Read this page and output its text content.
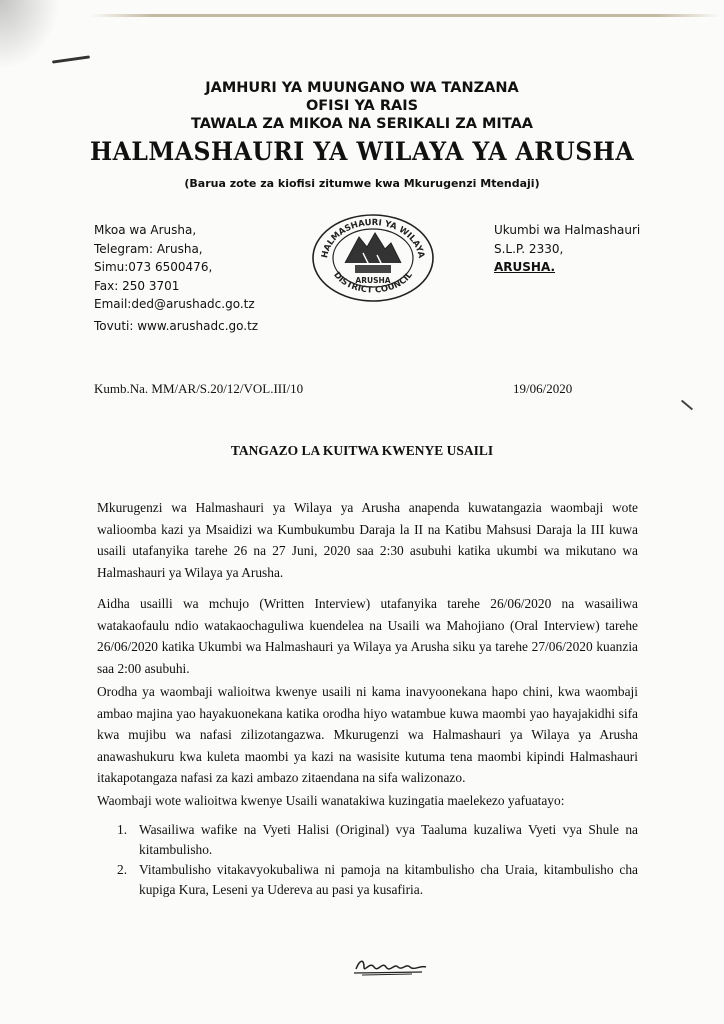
JAMHURI YA MUUNGANO WA TANZANA
OFISI YA RAIS
TAWALA ZA MIKOA NA SERIKALI ZA MITAA
HALMASHAURI YA WILAYA YA ARUSHA
(Barua zote za kiofisi zitumwe kwa Mkurugenzi Mtendaji)
Mkoa wa Arusha,
Telegram: Arusha,
Simu:073 6500476,
Fax: 250 3701
Email:ded@arushadc.go.tz
Tovuti: www.arushadc.go.tz
HALMASHAURI YA WILAYA
ARUSHA
DISTRICT COUNCIL
Ukumbi wa Halmashauri
S.L.P. 2330,
ARUSHA.
Kumb.Na. MM/AR/S.20/12/VOL.III/10	19/06/2020
TANGAZO LA KUITWA KWENYE USAILI
Mkurugenzi wa Halmashauri ya Wilaya ya Arusha anapenda kuwatangazia waombaji wote walioomba kazi ya Msaidizi wa Kumbukumbu Daraja la II na Katibu Mahsusi Daraja la III kuwa usaili utafanyika tarehe 26 na 27 Juni, 2020 saa 2:30 asubuhi katika ukumbi wa mikutano wa Halmashauri ya Wilaya ya Arusha.
Aidha usailli wa mchujo (Written Interview) utafanyika tarehe 26/06/2020 na wasailiwa watakaofaulu ndio watakaochaguliwa kuendelea na Usaili wa Mahojiano (Oral Interview) tarehe 26/06/2020 katika Ukumbi wa Halmashauri ya Wilaya ya Arusha siku ya tarehe 27/06/2020 kuanzia saa 2:00 asubuhi.
Orodha ya waombaji walioitwa kwenye usaili ni kama inavyoonekana hapo chini, kwa waombaji ambao majina yao hayakuonekana katika orodha hiyo watambue kuwa maombi yao hayajakidhi sifa kwa mujibu wa nafasi zilizotangazwa. Mkurugenzi wa Halmashauri ya Wilaya ya Arusha anawashukuru kwa kuleta maombi ya kazi na wasisite kutuma tena maombi kipindi Halmashauri itakapotangaza nafasi za kazi ambazo zitaendana na sifa walizonazo.
Waombaji wote walioitwa kwenye Usaili wanatakiwa kuzingatia maelekezo yafuatayo:
1. Wasailiwa wafike na Vyeti Halisi (Original) vya Taaluma kuzaliwa Vyeti vya Shule na kitambulisho.
2. Vitambulisho vitakavyokubaliwa ni pamoja na kitambulisho cha Uraia, kitambulisho cha kupiga Kura, Leseni ya Udereva au pasi ya kusafiria.
